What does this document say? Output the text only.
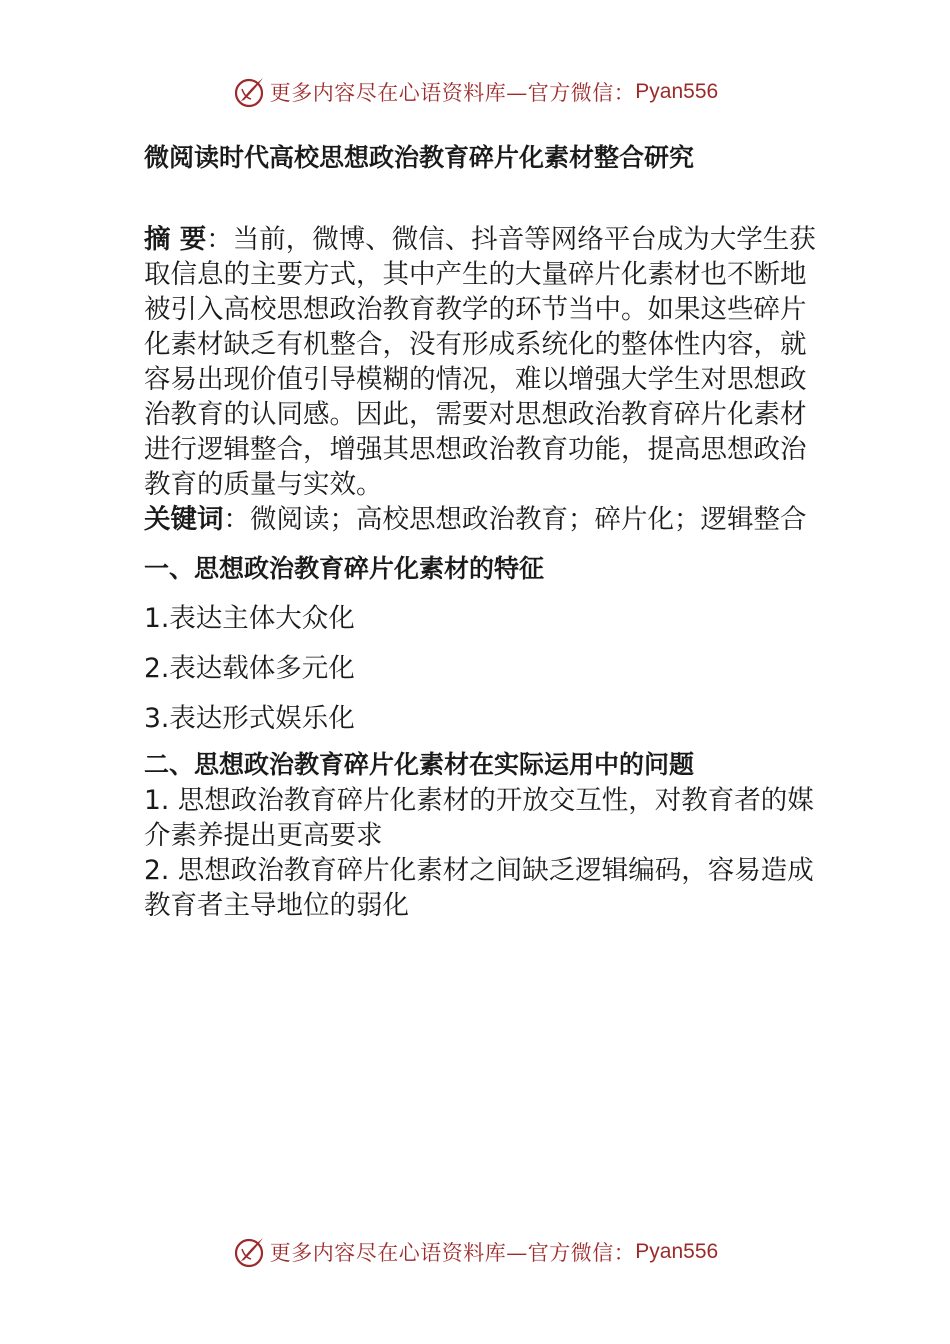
更多内容尽在心语资料库—官方微信： Pyan556
微阅读时代高校思想政治教育碎片化素材整合研究
摘 要：当前，微博、微信、抖音等网络平台成为大学生获取信息的主要方式，其中产生的大量碎片化素材也不断地被引入高校思想政治教育教学的环节当中。如果这些碎片化素材缺乏有机整合，没有形成系统化的整体性内容，就容易出现价值引导模糊的情况，难以增强大学生对思想政治教育的认同感。因此，需要对思想政治教育碎片化素材进行逻辑整合，增强其思想政治教育功能，提高思想政治教育的质量与实效。
关键词：微阅读；高校思想政治教育；碎片化；逻辑整合
一、思想政治教育碎片化素材的特征
1.表达主体大众化
2.表达载体多元化
3.表达形式娱乐化
二、思想政治教育碎片化素材在实际运用中的问题
1. 思想政治教育碎片化素材的开放交互性，对教育者的媒介素养提出更高要求
2. 思想政治教育碎片化素材之间缺乏逻辑编码，容易造成教育者主导地位的弱化
更多内容尽在心语资料库—官方微信： Pyan556
